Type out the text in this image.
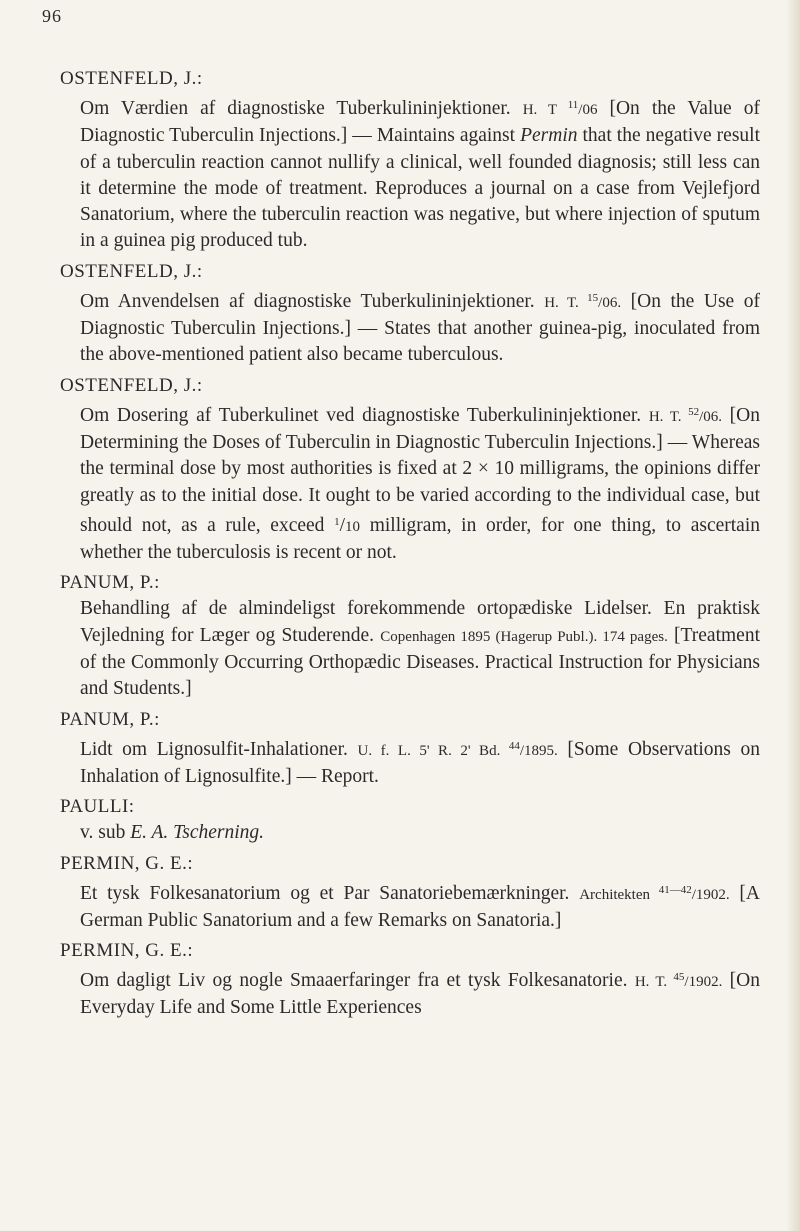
96
OSTENFELD, J.:
Om Værdien af diagnostiske Tuberkulininjektioner. H. T $^{11}$/06 [On the Value of Diagnostic Tuberculin Injections.] — Maintains against Permin that the negative result of a tuberculin reaction cannot nullify a clinical, well founded diagnosis; still less can it determine the mode of treatment. Reproduces a journal on a case from Vejlefjord Sanatorium, where the tuberculin reaction was negative, but where injection of sputum in a guinea pig produced tub.
OSTENFELD, J.:
Om Anvendelsen af diagnostiske Tuberkulininjektioner. H. T. $^{15}$/06. [On the Use of Diagnostic Tuberculin Injections.] — States that another guinea-pig, inoculated from the above-mentioned patient also became tuberculous.
OSTENFELD, J.:
Om Dosering af Tuberkulinet ved diagnostiske Tuberkulininjektioner. H. T. $^{52}$/06. [On Determining the Doses of Tuberculin in Diagnostic Tuberculin Injections.] — Whereas the terminal dose by most authorities is fixed at 2 × 10 milligrams, the opinions differ greatly as to the initial dose. It ought to be varied according to the individual case, but should not, as a rule, exceed $^1$/10 milligram, in order, for one thing, to ascertain whether the tuberculosis is recent or not.
PANUM, P.:
Behandling af de almindeligst forekommende ortopædiske Lidelser. En praktisk Vejledning for Læger og Studerende. Copenhagen 1895 (Hagerup Publ.). 174 pages. [Treatment of the Commonly Occurring Orthopædic Diseases. Practical Instruction for Physicians and Students.]
PANUM, P.:
Lidt om Lignosulfit-Inhalationer. U. f. L. 5' R. 2' Bd. $^{44}$/1895. [Some Observations on Inhalation of Lignosulfite.] — Report.
PAULLI:
v. sub E. A. Tscherning.
PERMIN, G. E.:
Et tysk Folkesanatorium og et Par Sanatoriebemærkninger. Architekten $^{41—42}$/1902. [A German Public Sanatorium and a few Remarks on Sanatoria.]
PERMIN, G. E.:
Om dagligt Liv og nogle Smaaerfaringer fra et tysk Folkesanatorie. H. T. $^{45}$/1902. [On Everyday Life and Some Little Experiences
